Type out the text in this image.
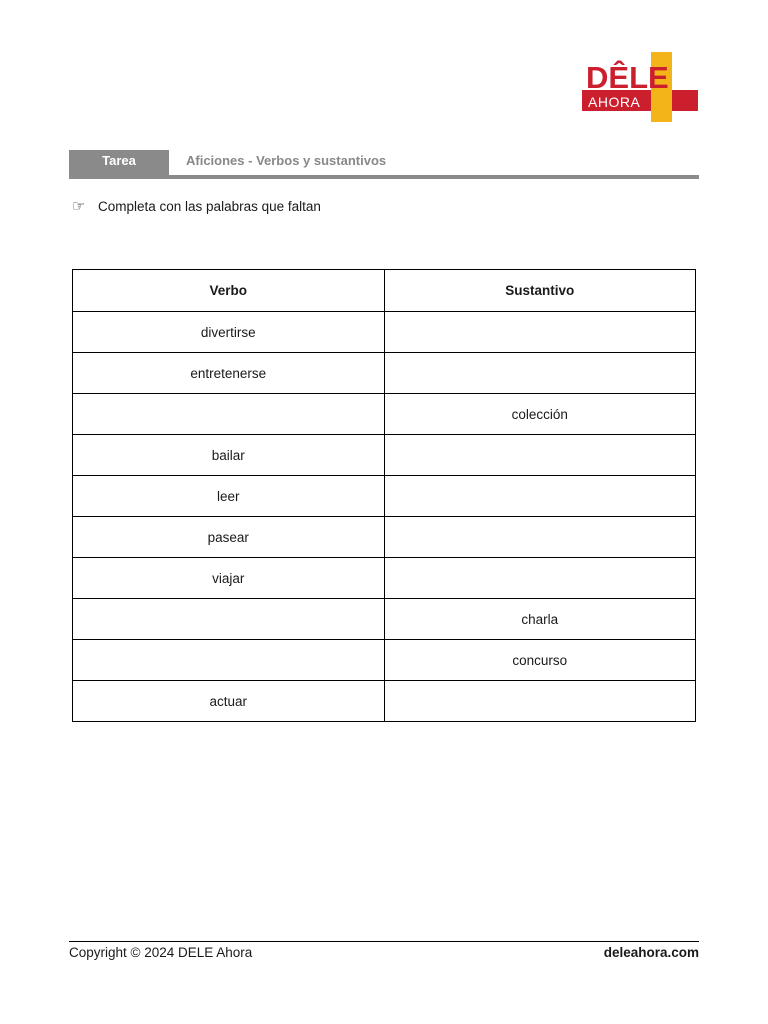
DÊLE
AHORA
Tarea	Aficiones - Verbos y sustantivos
☞ Completa con las palabras que faltan
Verbo	Sustantivo
divertirse	
entretenerse	
	colección
bailar	
leer	
pasear	
viajar	
	charla
	concurso
actuar	
Copyright © 2024 DELE Ahora	deleahora.com
